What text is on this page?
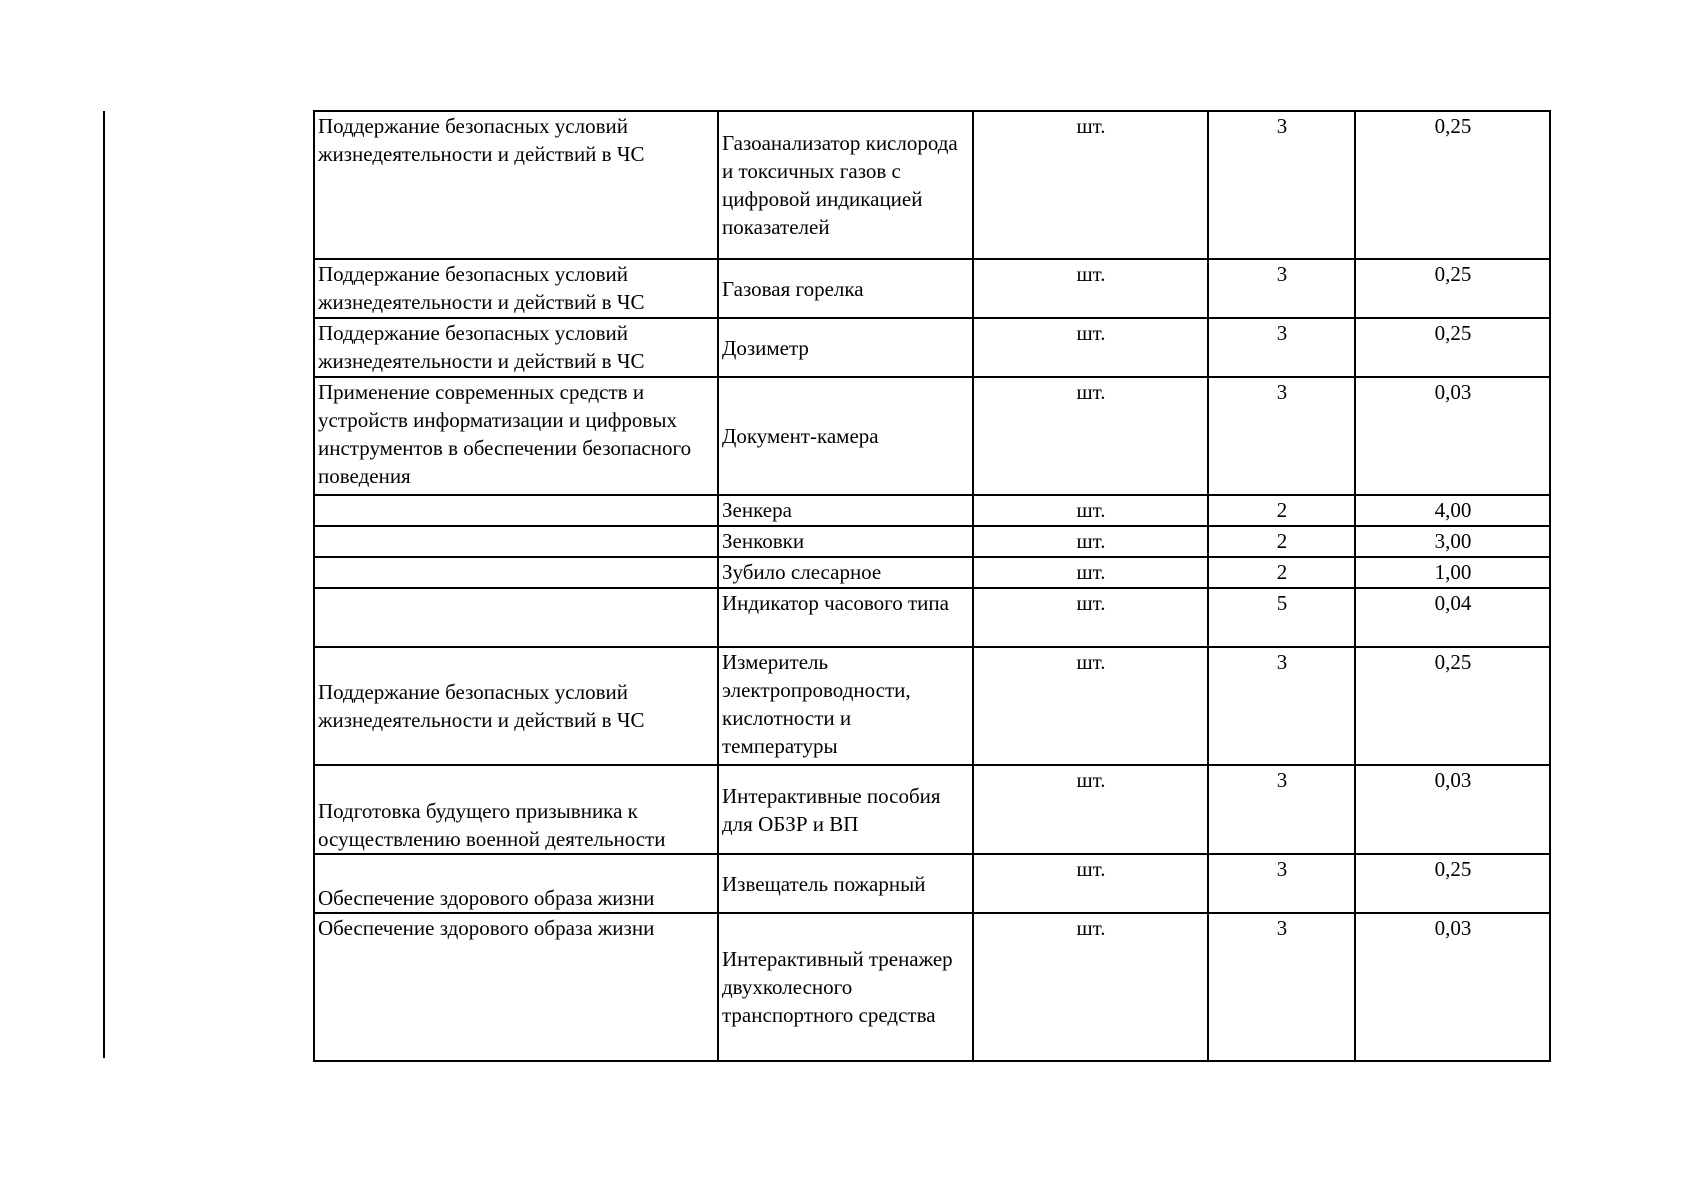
Поддержание безопасных условий жизнедеятельности и действий в ЧС	Газоанализатор кислорода и токсичных газов с цифровой индикацией показателей	шт.	3	0,25
Поддержание безопасных условий жизнедеятельности и действий в ЧС	Газовая горелка	шт.	3	0,25
Поддержание безопасных условий жизнедеятельности и действий в ЧС	Дозиметр	шт.	3	0,25
Применение современных средств и устройств информатизации и цифровых инструментов в обеспечении безопасного поведения	Документ-камера	шт.	3	0,03
	Зенкера	шт.	2	4,00
	Зенковки	шт.	2	3,00
	Зубило слесарное	шт.	2	1,00
	Индикатор часового типа	шт.	5	0,04
Поддержание безопасных условий жизнедеятельности и действий в ЧС	Измеритель электропроводности, кислотности и температуры	шт.	3	0,25
Подготовка будущего призывника к осуществлению военной деятельности	Интерактивные пособия для ОБЗР и ВП	шт.	3	0,03
Обеспечение здорового образа жизни	Извещатель пожарный	шт.	3	0,25
Обеспечение здорового образа жизни	Интерактивный тренажер двухколесного транспортного средства	шт.	3	0,03
